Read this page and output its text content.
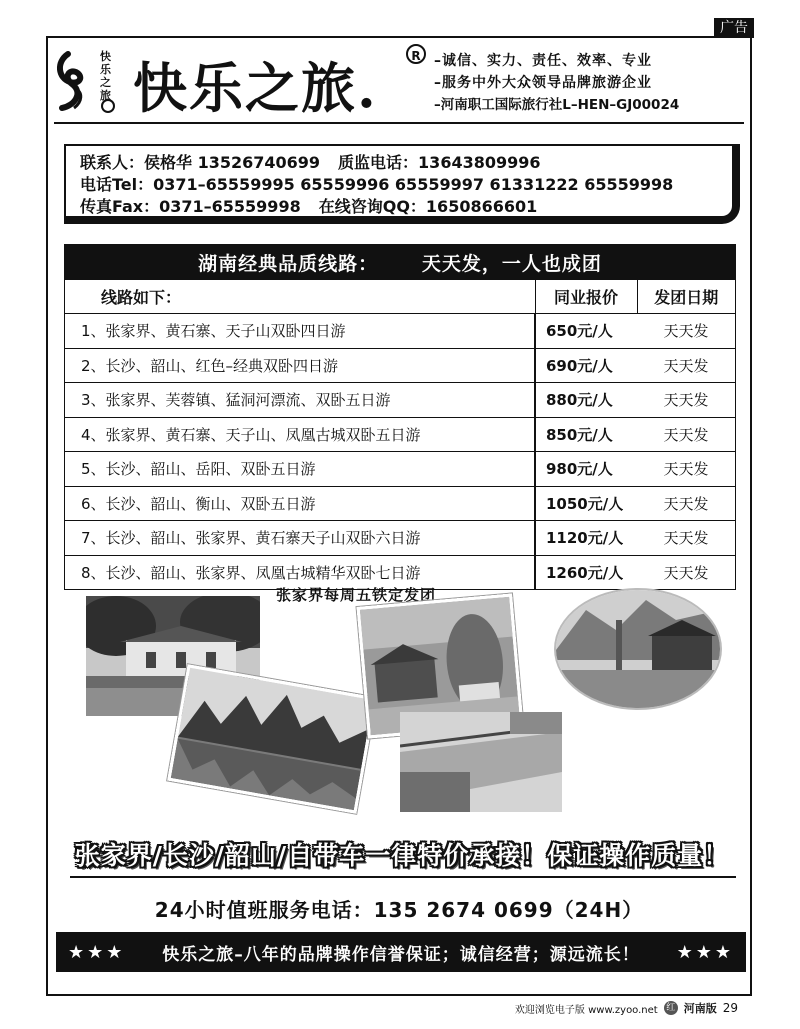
广告
快乐之旅 快乐之旅.	R –诚信、实力、责任、效率、专业
–服务中外大众领导品牌旅游企业
–河南职工国际旅行社L–HEN–GJ00024
联系人：侯格华 13526740699 质监电话：13643809996
电话Tel：0371–65559995 65559996 65559997 61331222 65559998
传真Fax：0371–65559998 在线咨询QQ：1650866601
湖南经典品质线路： 天天发，一人也成团		
线路如下：	同业报价	发团日期
1、张家界、黄石寨、天子山双卧四日游	650元/人	天天发
2、长沙、韶山、红色–经典双卧四日游	690元/人	天天发
3、张家界、芙蓉镇、猛洞河漂流、双卧五日游	880元/人	天天发
4、张家界、黄石寨、天子山、凤凰古城双卧五日游	850元/人	天天发
5、长沙、韶山、岳阳、双卧五日游	980元/人	天天发
6、长沙、韶山、衡山、双卧五日游	1050元/人	天天发
7、长沙、韶山、张家界、黄石寨天子山双卧六日游	1120元/人	天天发
8、长沙、韶山、张家界、凤凰古城精华双卧七日游	1260元/人	天天发
张家界每周五铁定发团
张家界/长沙/韶山/自带车一律特价承接！保证操作质量！
24小时值班服务电话：135 2674 0699（24H）
★★★ 快乐之旅–八年的品牌操作信誉保证；诚信经营；源远流长！ ★★★
欢迎浏览电子版 www.zyoo.net 红 河南版 29
